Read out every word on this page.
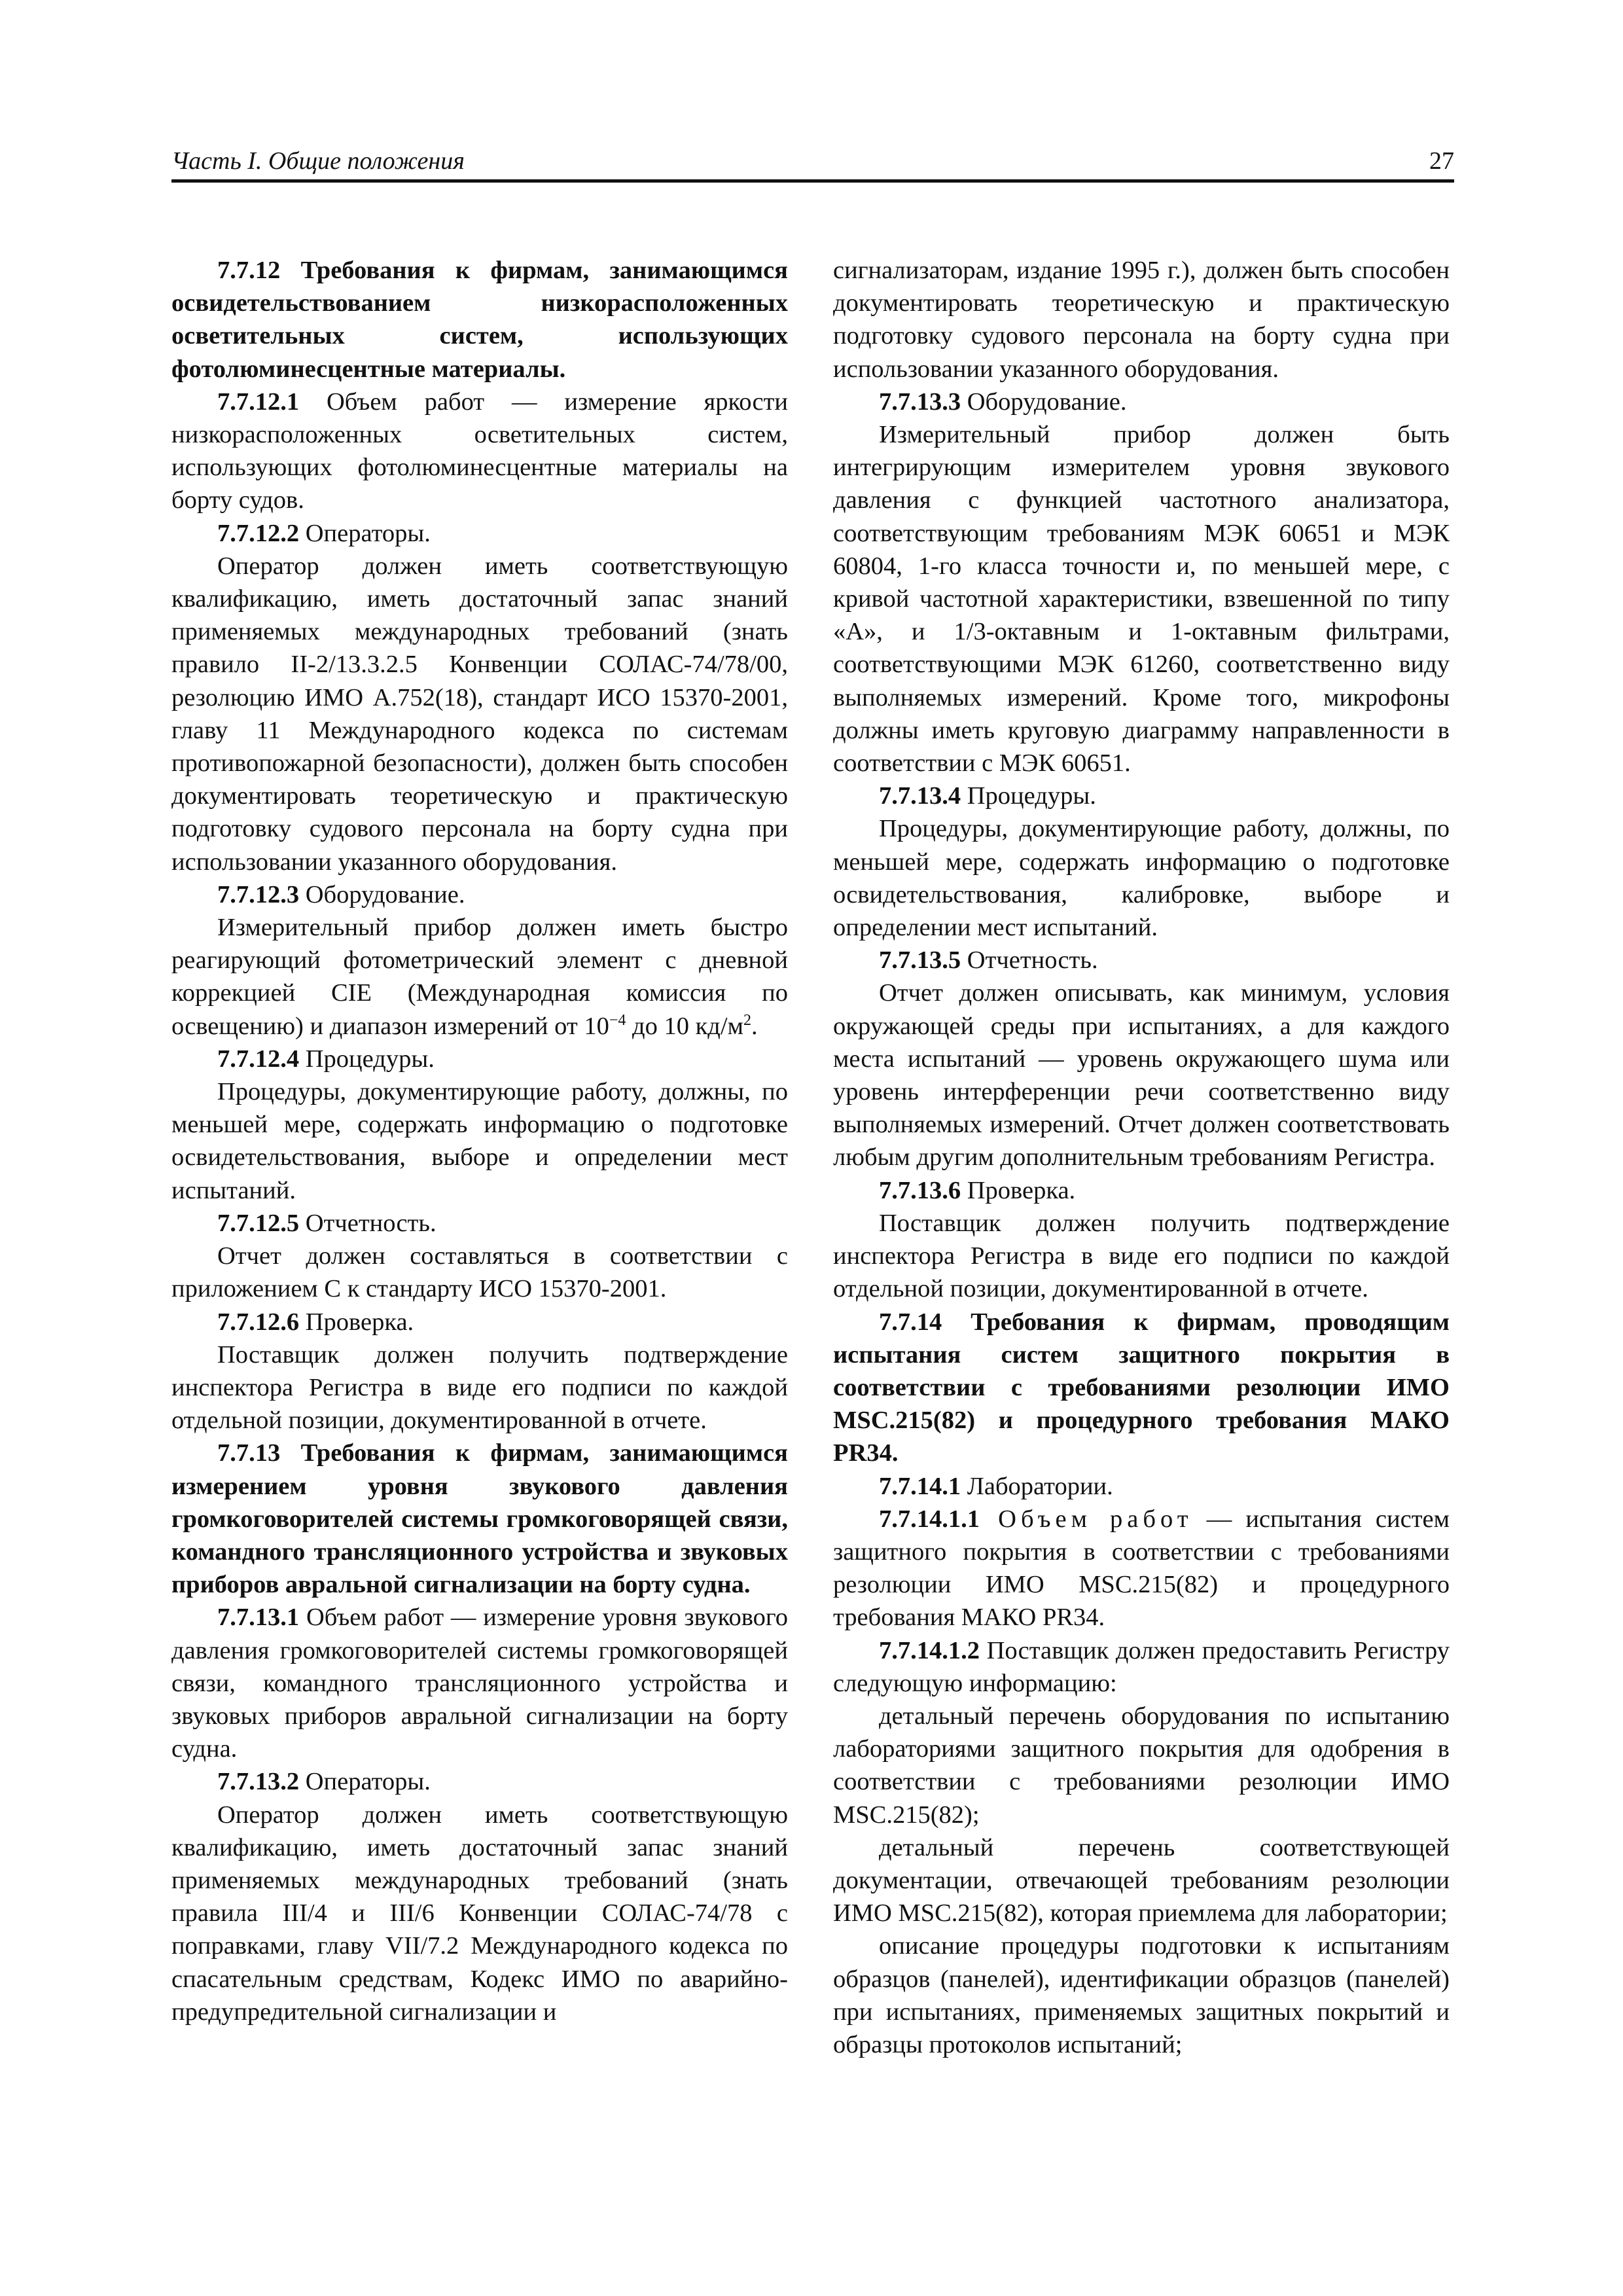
Часть I. Общие положения	27

7.7.12 Требования к фирмам, занимающимся освидетельствованием низкорасположенных осветительных систем, использующих фотолюминесцентные материалы.

7.7.12.1 Объем работ — измерение яркости низкорасположенных осветительных систем, использующих фотолюминесцентные материалы на борту судов.

7.7.12.2 Операторы.

Оператор должен иметь соответствующую квалификацию, иметь достаточный запас знаний применяемых международных требований (знать правило II-2/13.3.2.5 Конвенции СОЛАС-74/78/00, резолюцию ИМО А.752(18), стандарт ИСО 15370-2001, главу 11 Международного кодекса по системам противопожарной безопасности), должен быть способен документировать теоретическую и практическую подготовку судового персонала на борту судна при использовании указанного оборудования.

7.7.12.3 Оборудование.

Измерительный прибор должен иметь быстро реагирующий фотометрический элемент с дневной коррекцией CIE (Международная комиссия по освещению) и диапазон измерений от $10^{-4}$ до 10 $кд/м^2$.

7.7.12.4 Процедуры.

Процедуры, документирующие работу, должны, по меньшей мере, содержать информацию о подготовке освидетельствования, выборе и определении мест испытаний.

7.7.12.5 Отчетность.

Отчет должен составляться в соответствии с приложением С к стандарту ИСО 15370-2001.

7.7.12.6 Проверка.

Поставщик должен получить подтверждение инспектора Регистра в виде его подписи по каждой отдельной позиции, документированной в отчете.

7.7.13 Требования к фирмам, занимающимся измерением уровня звукового давления громкоговорителей системы громкоговорящей связи, командного трансляционного устройства и звуковых приборов авральной сигнализации на борту судна.

7.7.13.1 Объем работ — измерение уровня звукового давления громкоговорителей системы громкоговорящей связи, командного трансляционного устройства и звуковых приборов авральной сигнализации на борту судна.

7.7.13.2 Операторы.

Оператор должен иметь соответствующую квалификацию, иметь достаточный запас знаний применяемых международных требований (знать правила III/4 и III/6 Конвенции СОЛАС-74/78 с поправками, главу VII/7.2 Международного кодекса по спасательным средствам, Кодекс ИМО по аварийно-предупредительной сигнализации и

сигнализаторам, издание 1995 г.), должен быть способен документировать теоретическую и практическую подготовку судового персонала на борту судна при использовании указанного оборудования.

7.7.13.3 Оборудование.

Измерительный прибор должен быть интегрирующим измерителем уровня звукового давления с функцией частотного анализатора, соответствующим требованиям МЭК 60651 и МЭК 60804, 1-го класса точности и, по меньшей мере, с кривой частотной характеристики, взвешенной по типу «А», и 1/3-октавным и 1-октавным фильтрами, соответствующими МЭК 61260, соответственно виду выполняемых измерений. Кроме того, микрофоны должны иметь круговую диаграмму направленности в соответствии с МЭК 60651.

7.7.13.4 Процедуры.

Процедуры, документирующие работу, должны, по меньшей мере, содержать информацию о подготовке освидетельствования, калибровке, выборе и определении мест испытаний.

7.7.13.5 Отчетность.

Отчет должен описывать, как минимум, условия окружающей среды при испытаниях, а для каждого места испытаний — уровень окружающего шума или уровень интерференции речи соответственно виду выполняемых измерений. Отчет должен соответствовать любым другим дополнительным требованиям Регистра.

7.7.13.6 Проверка.

Поставщик должен получить подтверждение инспектора Регистра в виде его подписи по каждой отдельной позиции, документированной в отчете.

7.7.14 Требования к фирмам, проводящим испытания систем защитного покрытия в соответствии с требованиями резолюции ИМО MSC.215(82) и процедурного требования МАКО PR34.

7.7.14.1 Лаборатории.

7.7.14.1.1 Объем работ — испытания систем защитного покрытия в соответствии с требованиями резолюции ИМО MSC.215(82) и процедурного требования МАКО PR34.

7.7.14.1.2 Поставщик должен предоставить Регистру следующую информацию:

детальный перечень оборудования по испытанию лабораториями защитного покрытия для одобрения в соответствии с требованиями резолюции ИМО MSC.215(82);

детальный перечень соответствующей документации, отвечающей требованиям резолюции ИМО MSC.215(82), которая приемлема для лаборатории;

описание процедуры подготовки к испытаниям образцов (панелей), идентификации образцов (панелей) при испытаниях, применяемых защитных покрытий и образцы протоколов испытаний;
